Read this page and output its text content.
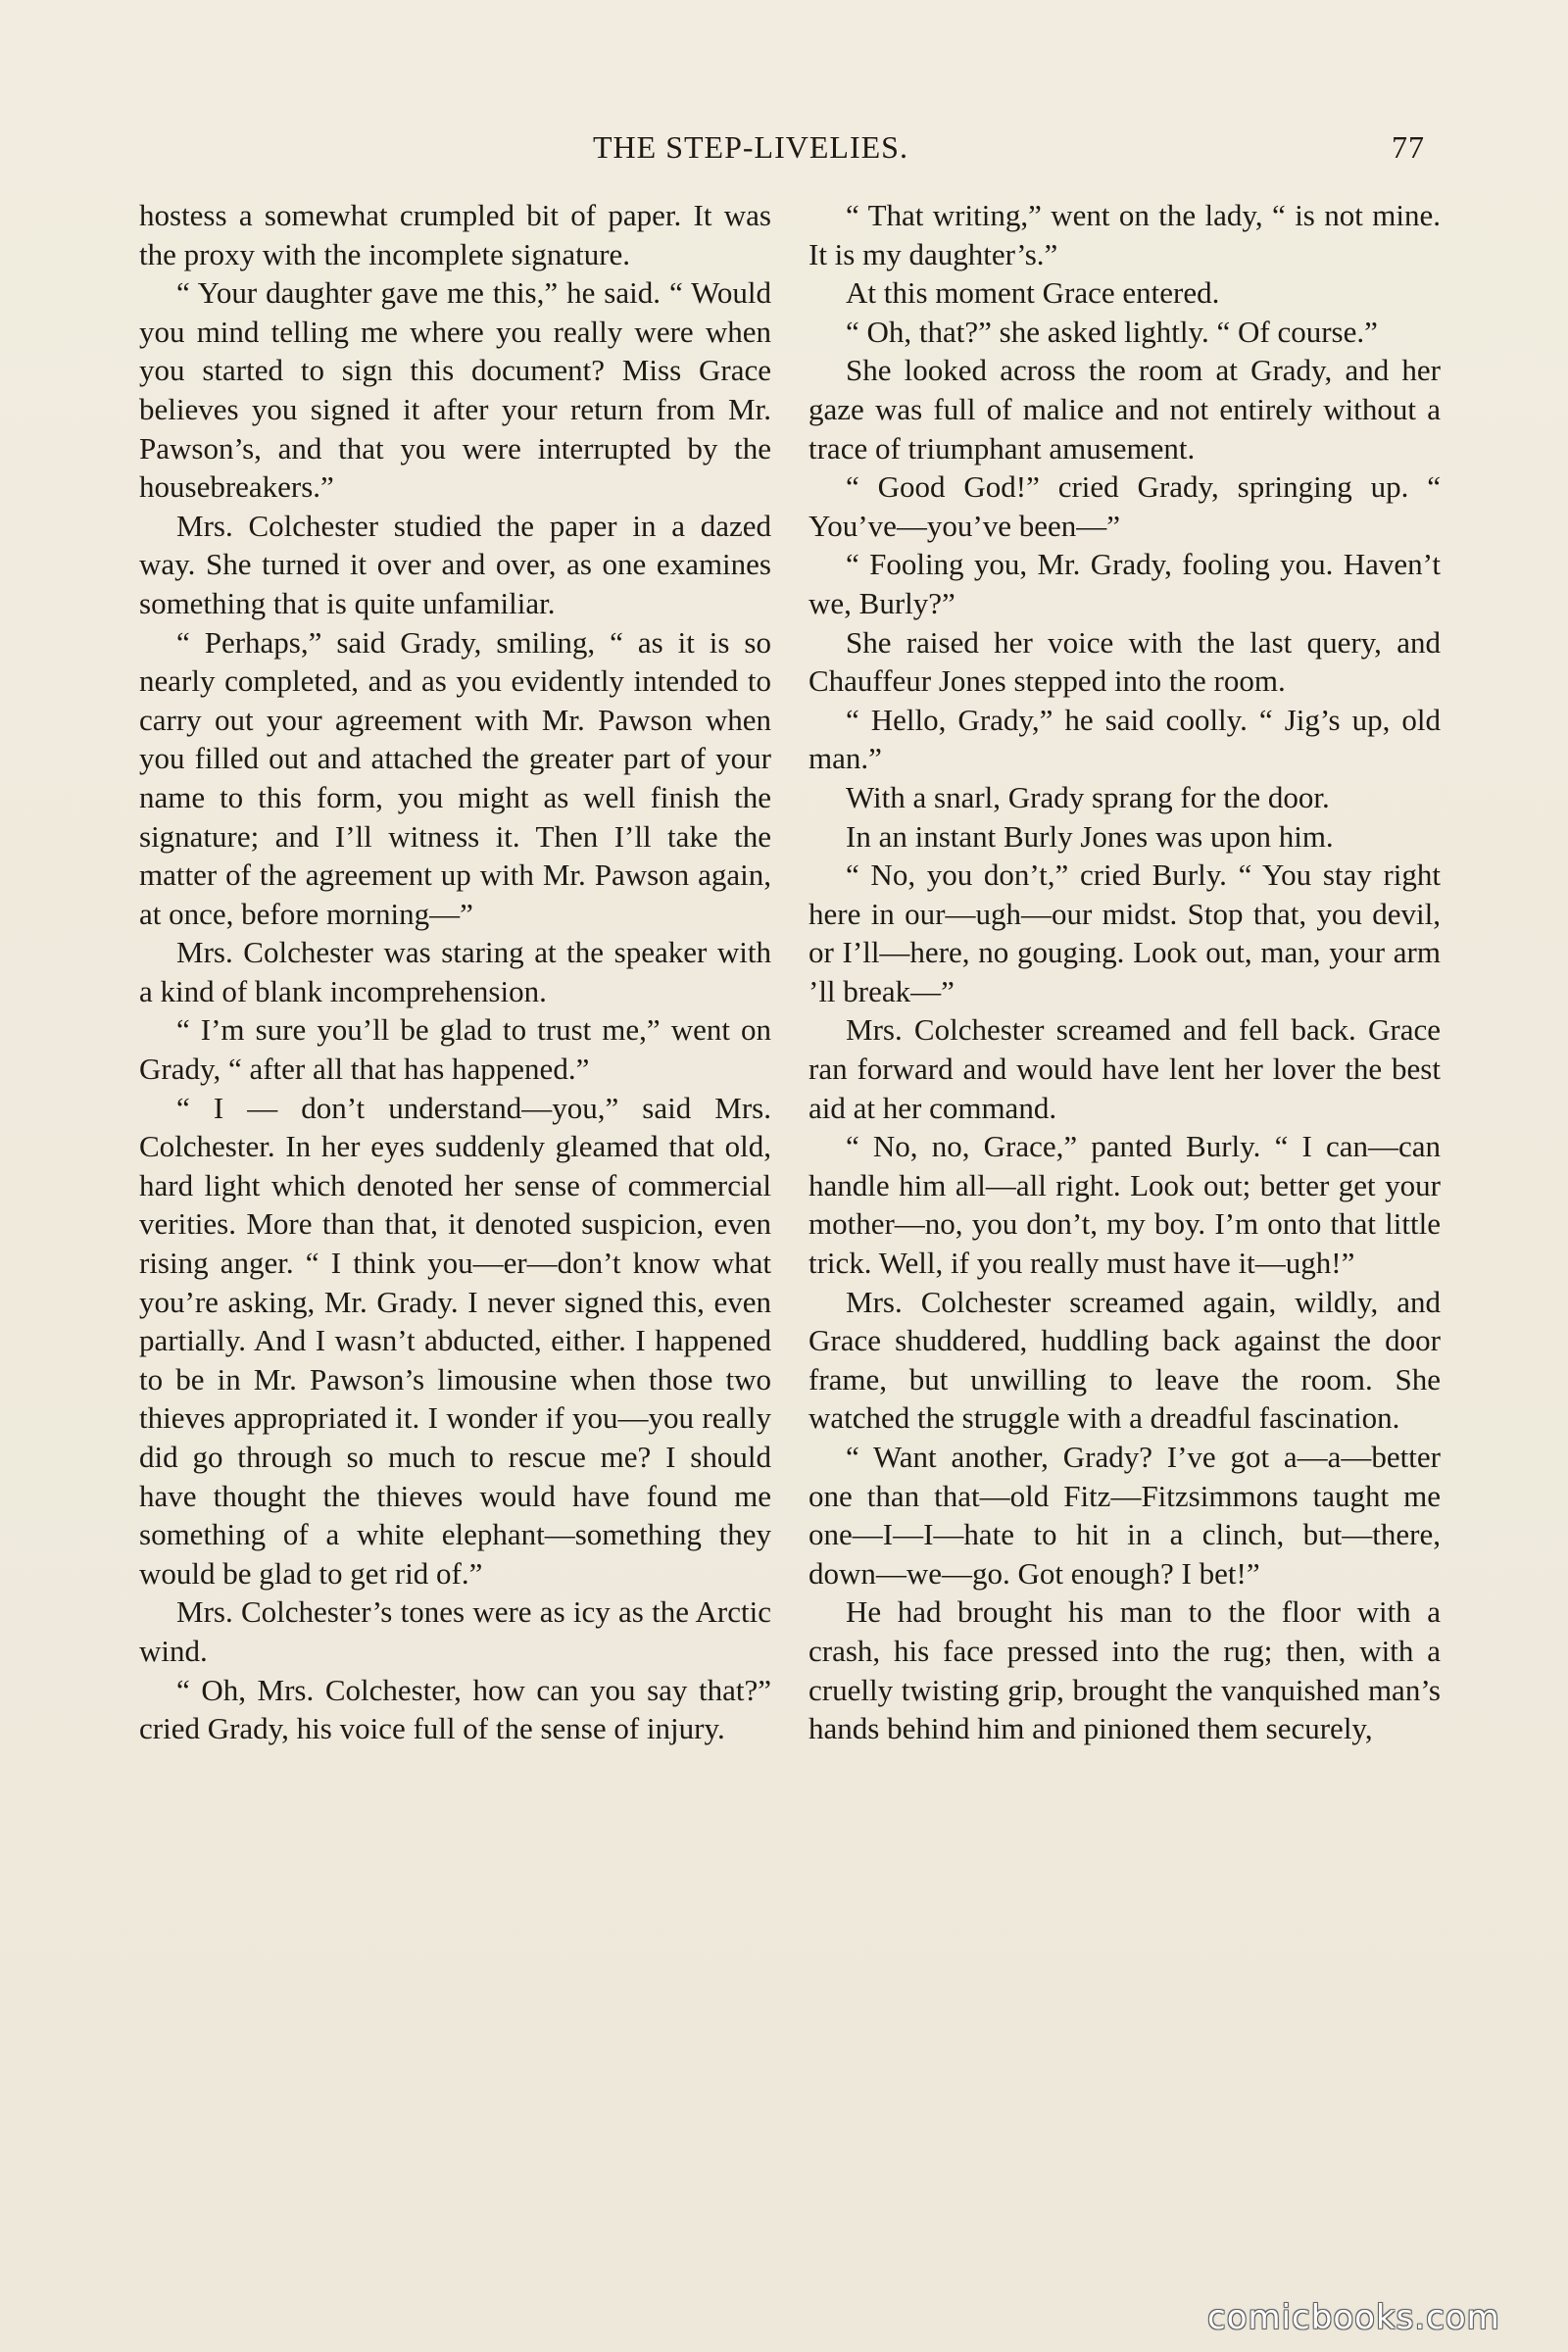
THE STEP-LIVELIES.	77

hostess a somewhat crumpled bit of paper. It was the proxy with the incomplete signature.

“ Your daughter gave me this,” he said. “ Would you mind telling me where you really were when you started to sign this document? Miss Grace believes you signed it after your return from Mr. Pawson’s, and that you were interrupted by the housebreakers.”

Mrs. Colchester studied the paper in a dazed way. She turned it over and over, as one examines something that is quite unfamiliar.

“ Perhaps,” said Grady, smiling, “ as it is so nearly completed, and as you evidently intended to carry out your agreement with Mr. Pawson when you filled out and attached the greater part of your name to this form, you might as well finish the signature; and I’ll witness it. Then I’ll take the matter of the agreement up with Mr. Pawson again, at once, before morning—”

Mrs. Colchester was staring at the speaker with a kind of blank incomprehension.

“ I’m sure you’ll be glad to trust me,” went on Grady, “ after all that has happened.”

“ I — don’t understand—you,” said Mrs. Colchester. In her eyes suddenly gleamed that old, hard light which denoted her sense of commercial verities. More than that, it denoted suspicion, even rising anger. “ I think you—er—don’t know what you’re asking, Mr. Grady. I never signed this, even partially. And I wasn’t abducted, either. I happened to be in Mr. Pawson’s limousine when those two thieves appropriated it. I wonder if you—you really did go through so much to rescue me? I should have thought the thieves would have found me something of a white elephant—something they would be glad to get rid of.”

Mrs. Colchester’s tones were as icy as the Arctic wind.

“ Oh, Mrs. Colchester, how can you say that?” cried Grady, his voice full of the sense of injury.

“ That writing,” went on the lady, “ is not mine. It is my daughter’s.”

At this moment Grace entered.

“ Oh, that?” she asked lightly. “ Of course.”

She looked across the room at Grady, and her gaze was full of malice and not entirely without a trace of triumphant amusement.

“ Good God!” cried Grady, springing up. “ You’ve—you’ve been—”

“ Fooling you, Mr. Grady, fooling you. Haven’t we, Burly?”

She raised her voice with the last query, and Chauffeur Jones stepped into the room.

“ Hello, Grady,” he said coolly. “ Jig’s up, old man.”

With a snarl, Grady sprang for the door.

In an instant Burly Jones was upon him.

“ No, you don’t,” cried Burly. “ You stay right here in our—ugh—our midst. Stop that, you devil, or I’ll—here, no gouging. Look out, man, your arm ’ll break—”

Mrs. Colchester screamed and fell back. Grace ran forward and would have lent her lover the best aid at her command.

“ No, no, Grace,” panted Burly. “ I can—can handle him all—all right. Look out; better get your mother—no, you don’t, my boy. I’m onto that little trick. Well, if you really must have it—ugh!”

Mrs. Colchester screamed again, wildly, and Grace shuddered, huddling back against the door frame, but unwilling to leave the room. She watched the struggle with a dreadful fascination.

“ Want another, Grady? I’ve got a—a—better one than that—old Fitz—Fitzsimmons taught me one—I—I—hate to hit in a clinch, but—there, down—we—go. Got enough? I bet!”

He had brought his man to the floor with a crash, his face pressed into the rug; then, with a cruelly twisting grip, brought the vanquished man’s hands behind him and pinioned them securely,

comicbooks.com
